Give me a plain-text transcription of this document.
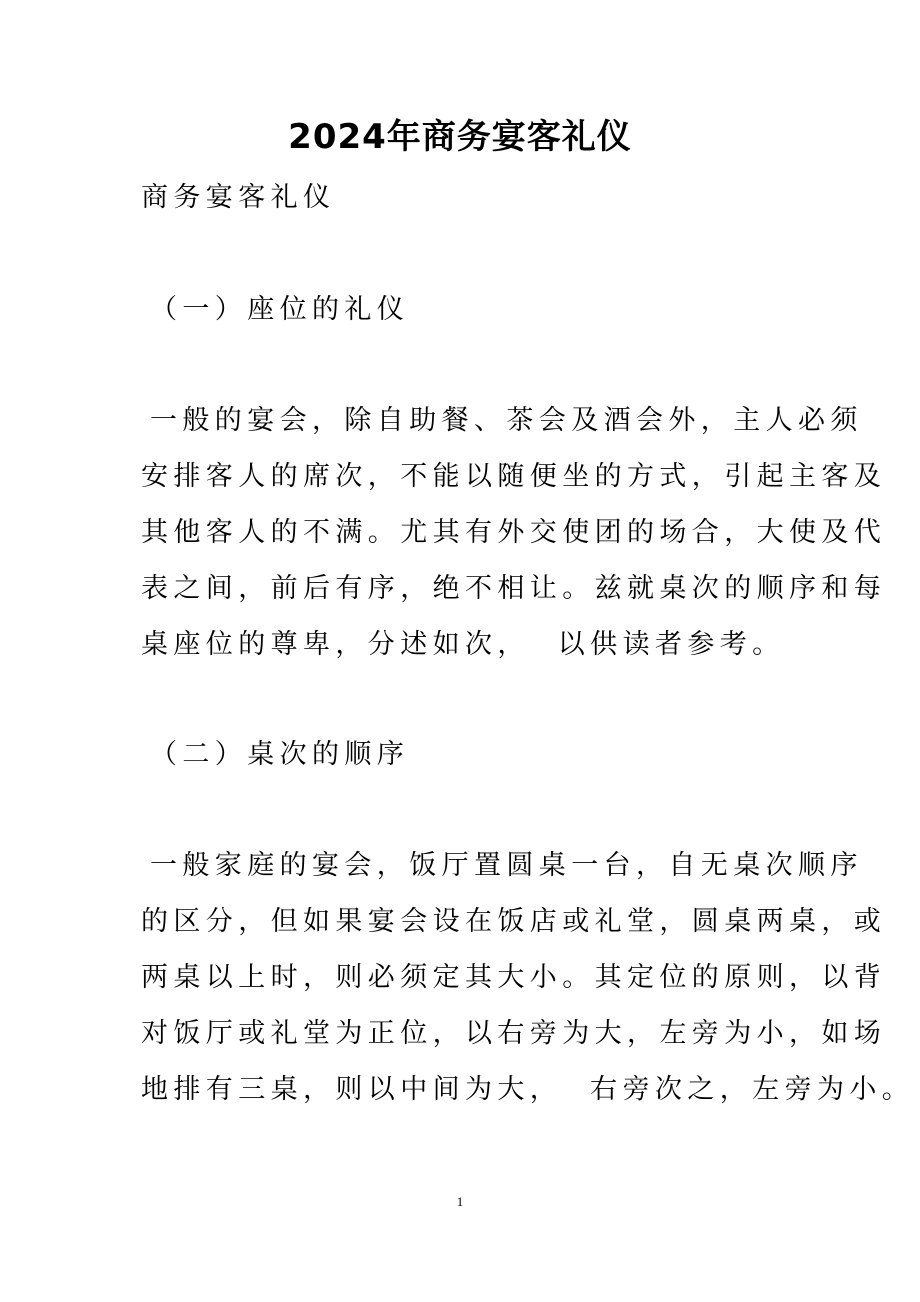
2024年商务宴客礼仪
商务宴客礼仪
（一）座位的礼仪
一般的宴会，除自助餐、茶会及酒会外，主人必须
安排客人的席次，不能以随便坐的方式，引起主客及
其他客人的不满。尤其有外交使团的场合，大使及代
表之间，前后有序，绝不相让。兹就桌次的顺序和每
桌座位的尊卑，分述如次，  以供读者参考。
（二）桌次的顺序
一般家庭的宴会，饭厅置圆桌一台，自无桌次顺序
的区分，但如果宴会设在饭店或礼堂，圆桌两桌，或
两桌以上时，则必须定其大小。其定位的原则，以背
对饭厅或礼堂为正位，以右旁为大，左旁为小，如场
地排有三桌，则以中间为大，  右旁次之，左旁为小。
1
